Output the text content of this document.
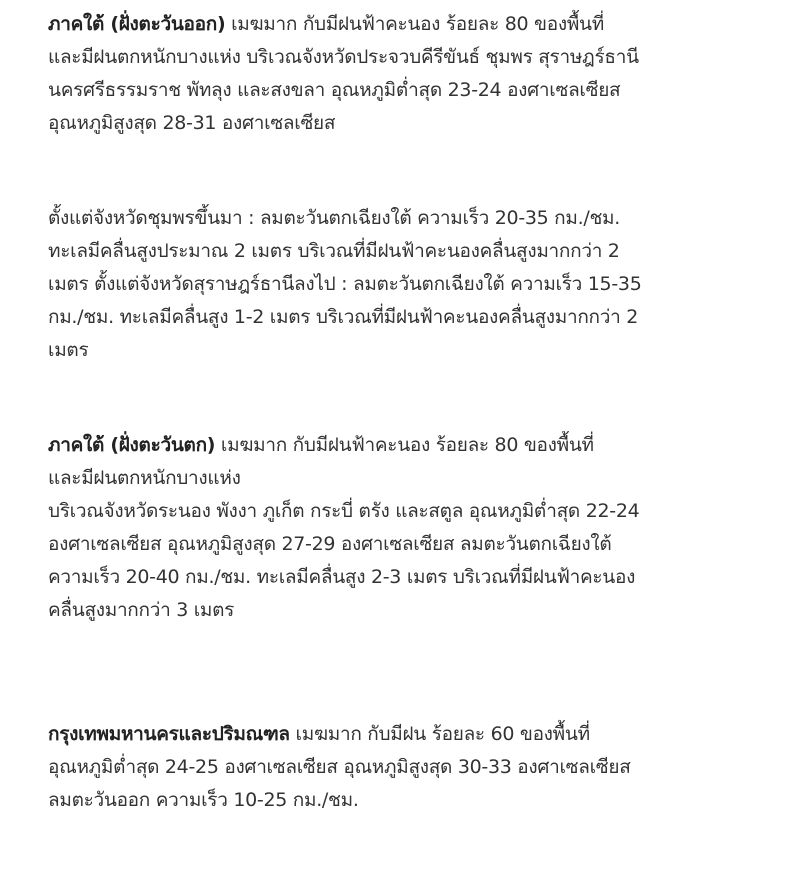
ภาคใต้ (ฝั่งตะวันออก) เมฆมาก กับมีฝนฟ้าคะนอง ร้อยละ 80 ของพื้นที่
และมีฝนตกหนักบางแห่ง บริเวณจังหวัดประจวบคีรีขันธ์ ชุมพร สุราษฎร์ธานี
นครศรีธรรมราช พัทลุง และสงขลา อุณหภูมิต่ำสุด 23-24 องศาเซลเซียส
อุณหภูมิสูงสุด 28-31 องศาเซลเซียส

ตั้งแต่จังหวัดชุมพรขึ้นมา : ลมตะวันตกเฉียงใต้ ความเร็ว 20-35 กม./ชม.
ทะเลมีคลื่นสูงประมาณ 2 เมตร บริเวณที่มีฝนฟ้าคะนองคลื่นสูงมากกว่า 2
เมตร ตั้งแต่จังหวัดสุราษฎร์ธานีลงไป : ลมตะวันตกเฉียงใต้ ความเร็ว 15-35
กม./ชม. ทะเลมีคลื่นสูง 1-2 เมตร บริเวณที่มีฝนฟ้าคะนองคลื่นสูงมากกว่า 2
เมตร

ภาคใต้ (ฝั่งตะวันตก) เมฆมาก กับมีฝนฟ้าคะนอง ร้อยละ 80 ของพื้นที่
และมีฝนตกหนักบางแห่ง
บริเวณจังหวัดระนอง พังงา ภูเก็ต กระบี่ ตรัง และสตูล อุณหภูมิต่ำสุด 22-24
องศาเซลเซียส อุณหภูมิสูงสุด 27-29 องศาเซลเซียส ลมตะวันตกเฉียงใต้
ความเร็ว 20-40 กม./ชม. ทะเลมีคลื่นสูง 2-3 เมตร บริเวณที่มีฝนฟ้าคะนอง
คลื่นสูงมากกว่า 3 เมตร

กรุงเทพมหานครและปริมณฑล เมฆมาก กับมีฝน ร้อยละ 60 ของพื้นที่
อุณหภูมิต่ำสุด 24-25 องศาเซลเซียส อุณหภูมิสูงสุด 30-33 องศาเซลเซียส
ลมตะวันออก ความเร็ว 10-25 กม./ชม.
